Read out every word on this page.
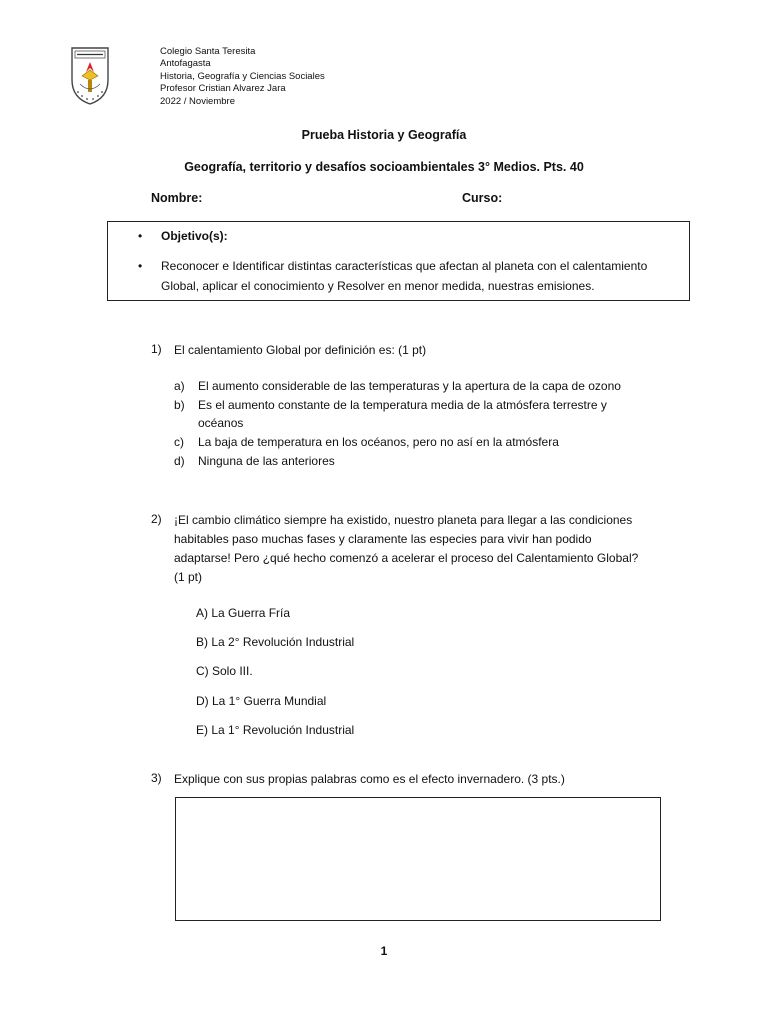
Colegio Santa Teresita
Antofagasta
Historia, Geografía y Ciencias Sociales
Profesor Cristian Alvarez Jara
2022 / Noviembre
Prueba Historia y Geografía
Geografía, territorio y desafíos socioambientales 3° Medios. Pts. 40
Nombre:	Curso:
• Objetivo(s):
• Reconocer e Identificar distintas características que afectan al planeta con el calentamiento
Global, aplicar el conocimiento y Resolver en menor medida, nuestras emisiones.
1) El calentamiento Global por definición es: (1 pt)
a) El aumento considerable de las temperaturas y la apertura de la capa de ozono
b) Es el aumento constante de la temperatura media de la atmósfera terrestre y
océanos
c) La baja de temperatura en los océanos, pero no así en la atmósfera
d) Ninguna de las anteriores
2) ¡El cambio climático siempre ha existido, nuestro planeta para llegar a las condiciones
habitables paso muchas fases y claramente las especies para vivir han podido
adaptarse! Pero ¿qué hecho comenzó a acelerar el proceso del Calentamiento Global?
(1 pt)
A) La Guerra Fría
B) La 2° Revolución Industrial
C) Solo III.
D) La 1° Guerra Mundial
E) La 1° Revolución Industrial
3) Explique con sus propias palabras como es el efecto invernadero. (3 pts.)
1
